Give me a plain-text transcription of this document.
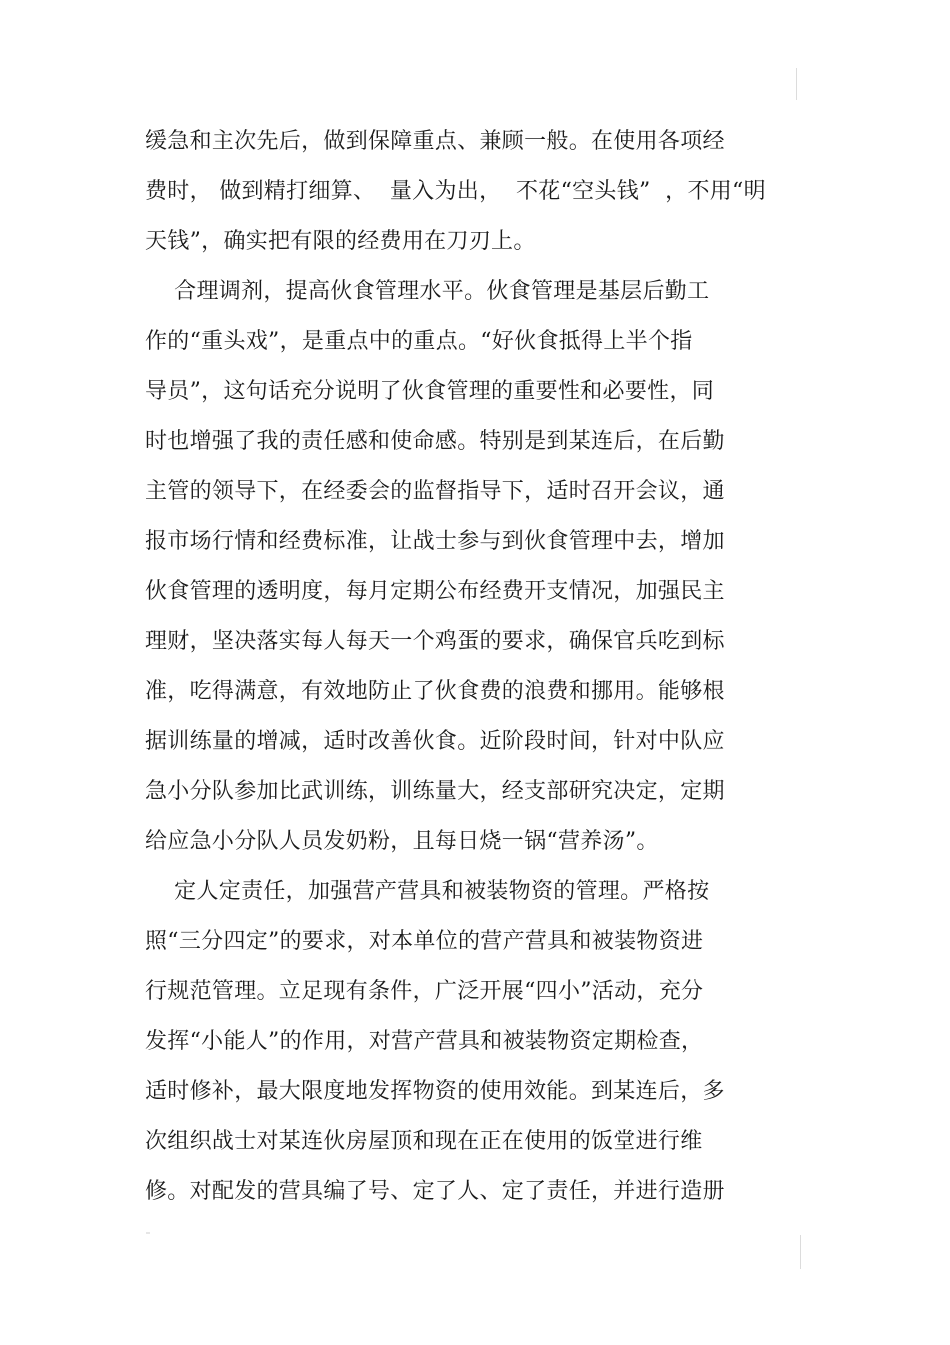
缓急和主次先后，做到保障重点、兼顾一般。在使用各项经
费时， 做到精打细算、  量入为出，  不花“空头钱”  ，不用“明
天钱”，确实把有限的经费用在刀刃上。
合理调剂，提高伙食管理水平。伙食管理是基层后勤工
作的“重头戏”，是重点中的重点。“好伙食抵得上半个指
导员”，这句话充分说明了伙食管理的重要性和必要性，同
时也增强了我的责任感和使命感。特别是到某连后，在后勤
主管的领导下，在经委会的监督指导下，适时召开会议，通
报市场行情和经费标准，让战士参与到伙食管理中去，增加
伙食管理的透明度，每月定期公布经费开支情况，加强民主
理财，坚决落实每人每天一个鸡蛋的要求，确保官兵吃到标
准，吃得满意，有效地防止了伙食费的浪费和挪用。能够根
据训练量的增减，适时改善伙食。近阶段时间，针对中队应
急小分队参加比武训练，训练量大，经支部研究决定，定期
给应急小分队人员发奶粉，且每日烧一锅“营养汤”。
定人定责任，加强营产营具和被装物资的管理。严格按
照“三分四定”的要求，对本单位的营产营具和被装物资进
行规范管理。立足现有条件，广泛开展“四小”活动，充分
发挥“小能人”的作用，对营产营具和被装物资定期检查，
适时修补，最大限度地发挥物资的使用效能。到某连后，多
次组织战士对某连伙房屋顶和现在正在使用的饭堂进行维
修。对配发的营具编了号、定了人、定了责任，并进行造册
